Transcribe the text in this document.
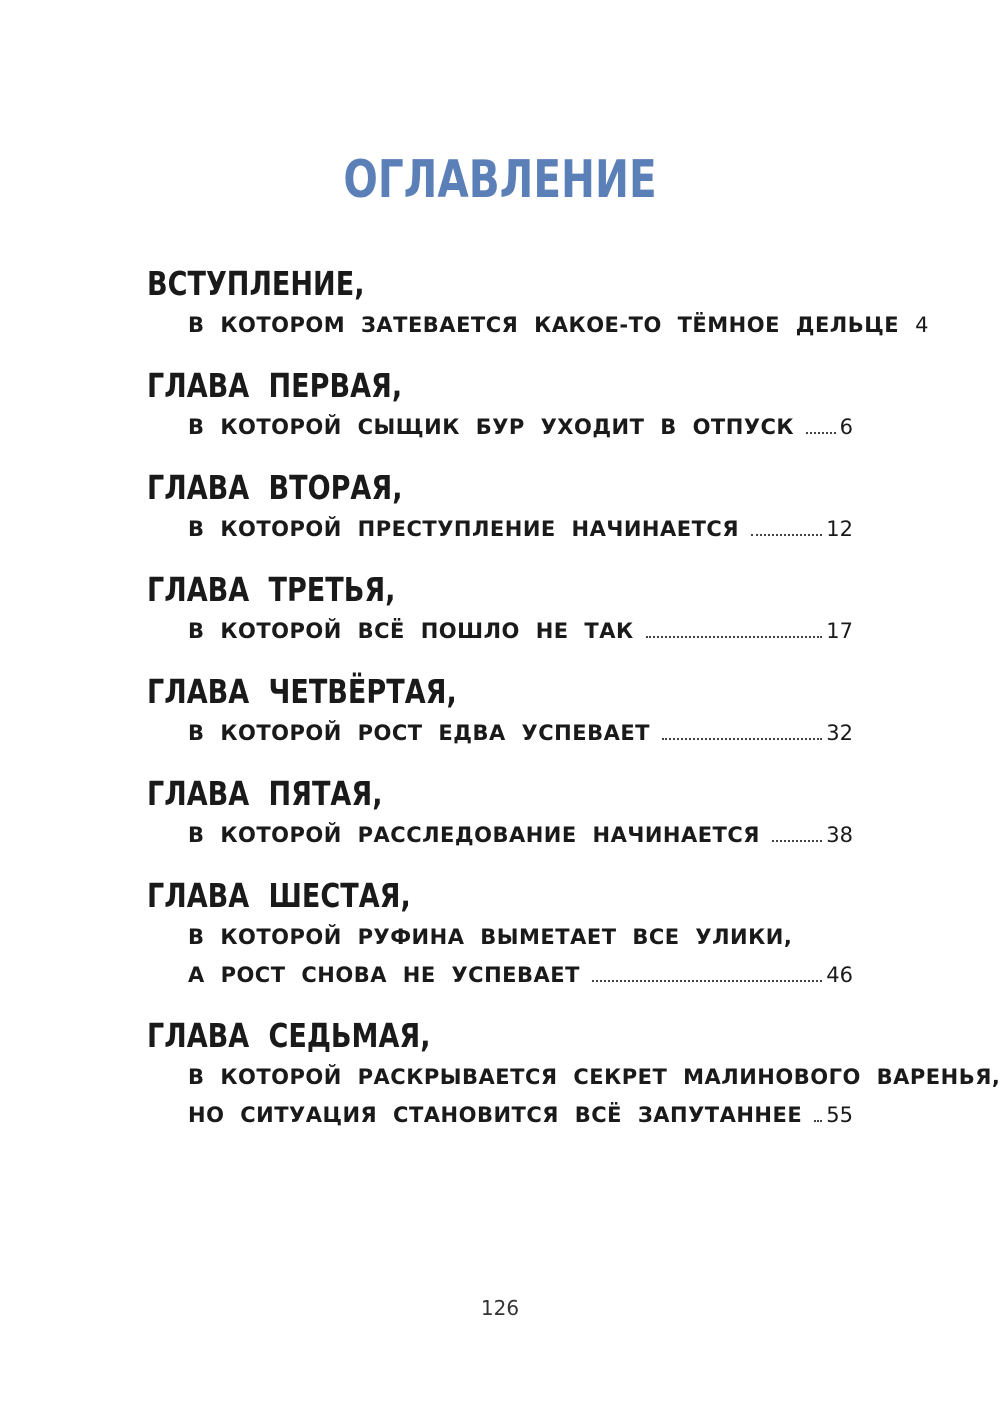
ОГЛАВЛЕНИЕ
ВСТУПЛЕНИЕ,
В КОТОРОМ ЗАТЕВАЕТСЯ КАКОЕ-ТО ТЁМНОЕ ДЕЛЬЦЕ 4
ГЛАВА ПЕРВАЯ,
В КОТОРОЙ СЫЩИК БУР УХОДИТ В ОТПУСК 6
ГЛАВА ВТОРАЯ,
В КОТОРОЙ ПРЕСТУПЛЕНИЕ НАЧИНАЕТСЯ	12
ГЛАВА ТРЕТЬЯ,
В КОТОРОЙ ВСЁ ПОШЛО НЕ ТАК	17
ГЛАВА ЧЕТВЁРТАЯ,
В КОТОРОЙ РОСТ ЕДВА УСПЕВАЕТ	32
ГЛАВА ПЯТАЯ,
В КОТОРОЙ РАССЛЕДОВАНИЕ НАЧИНАЕТСЯ	38
ГЛАВА ШЕСТАЯ,
В КОТОРОЙ РУФИНА ВЫМЕТАЕТ ВСЕ УЛИКИ,
А РОСТ СНОВА НЕ УСПЕВАЕТ	46
ГЛАВА СЕДЬМАЯ,
В КОТОРОЙ РАСКРЫВАЕТСЯ СЕКРЕТ МАЛИНОВОГО ВАРЕНЬЯ,
НО СИТУАЦИЯ СТАНОВИТСЯ ВСЁ ЗАПУТАННЕЕ 55
126
